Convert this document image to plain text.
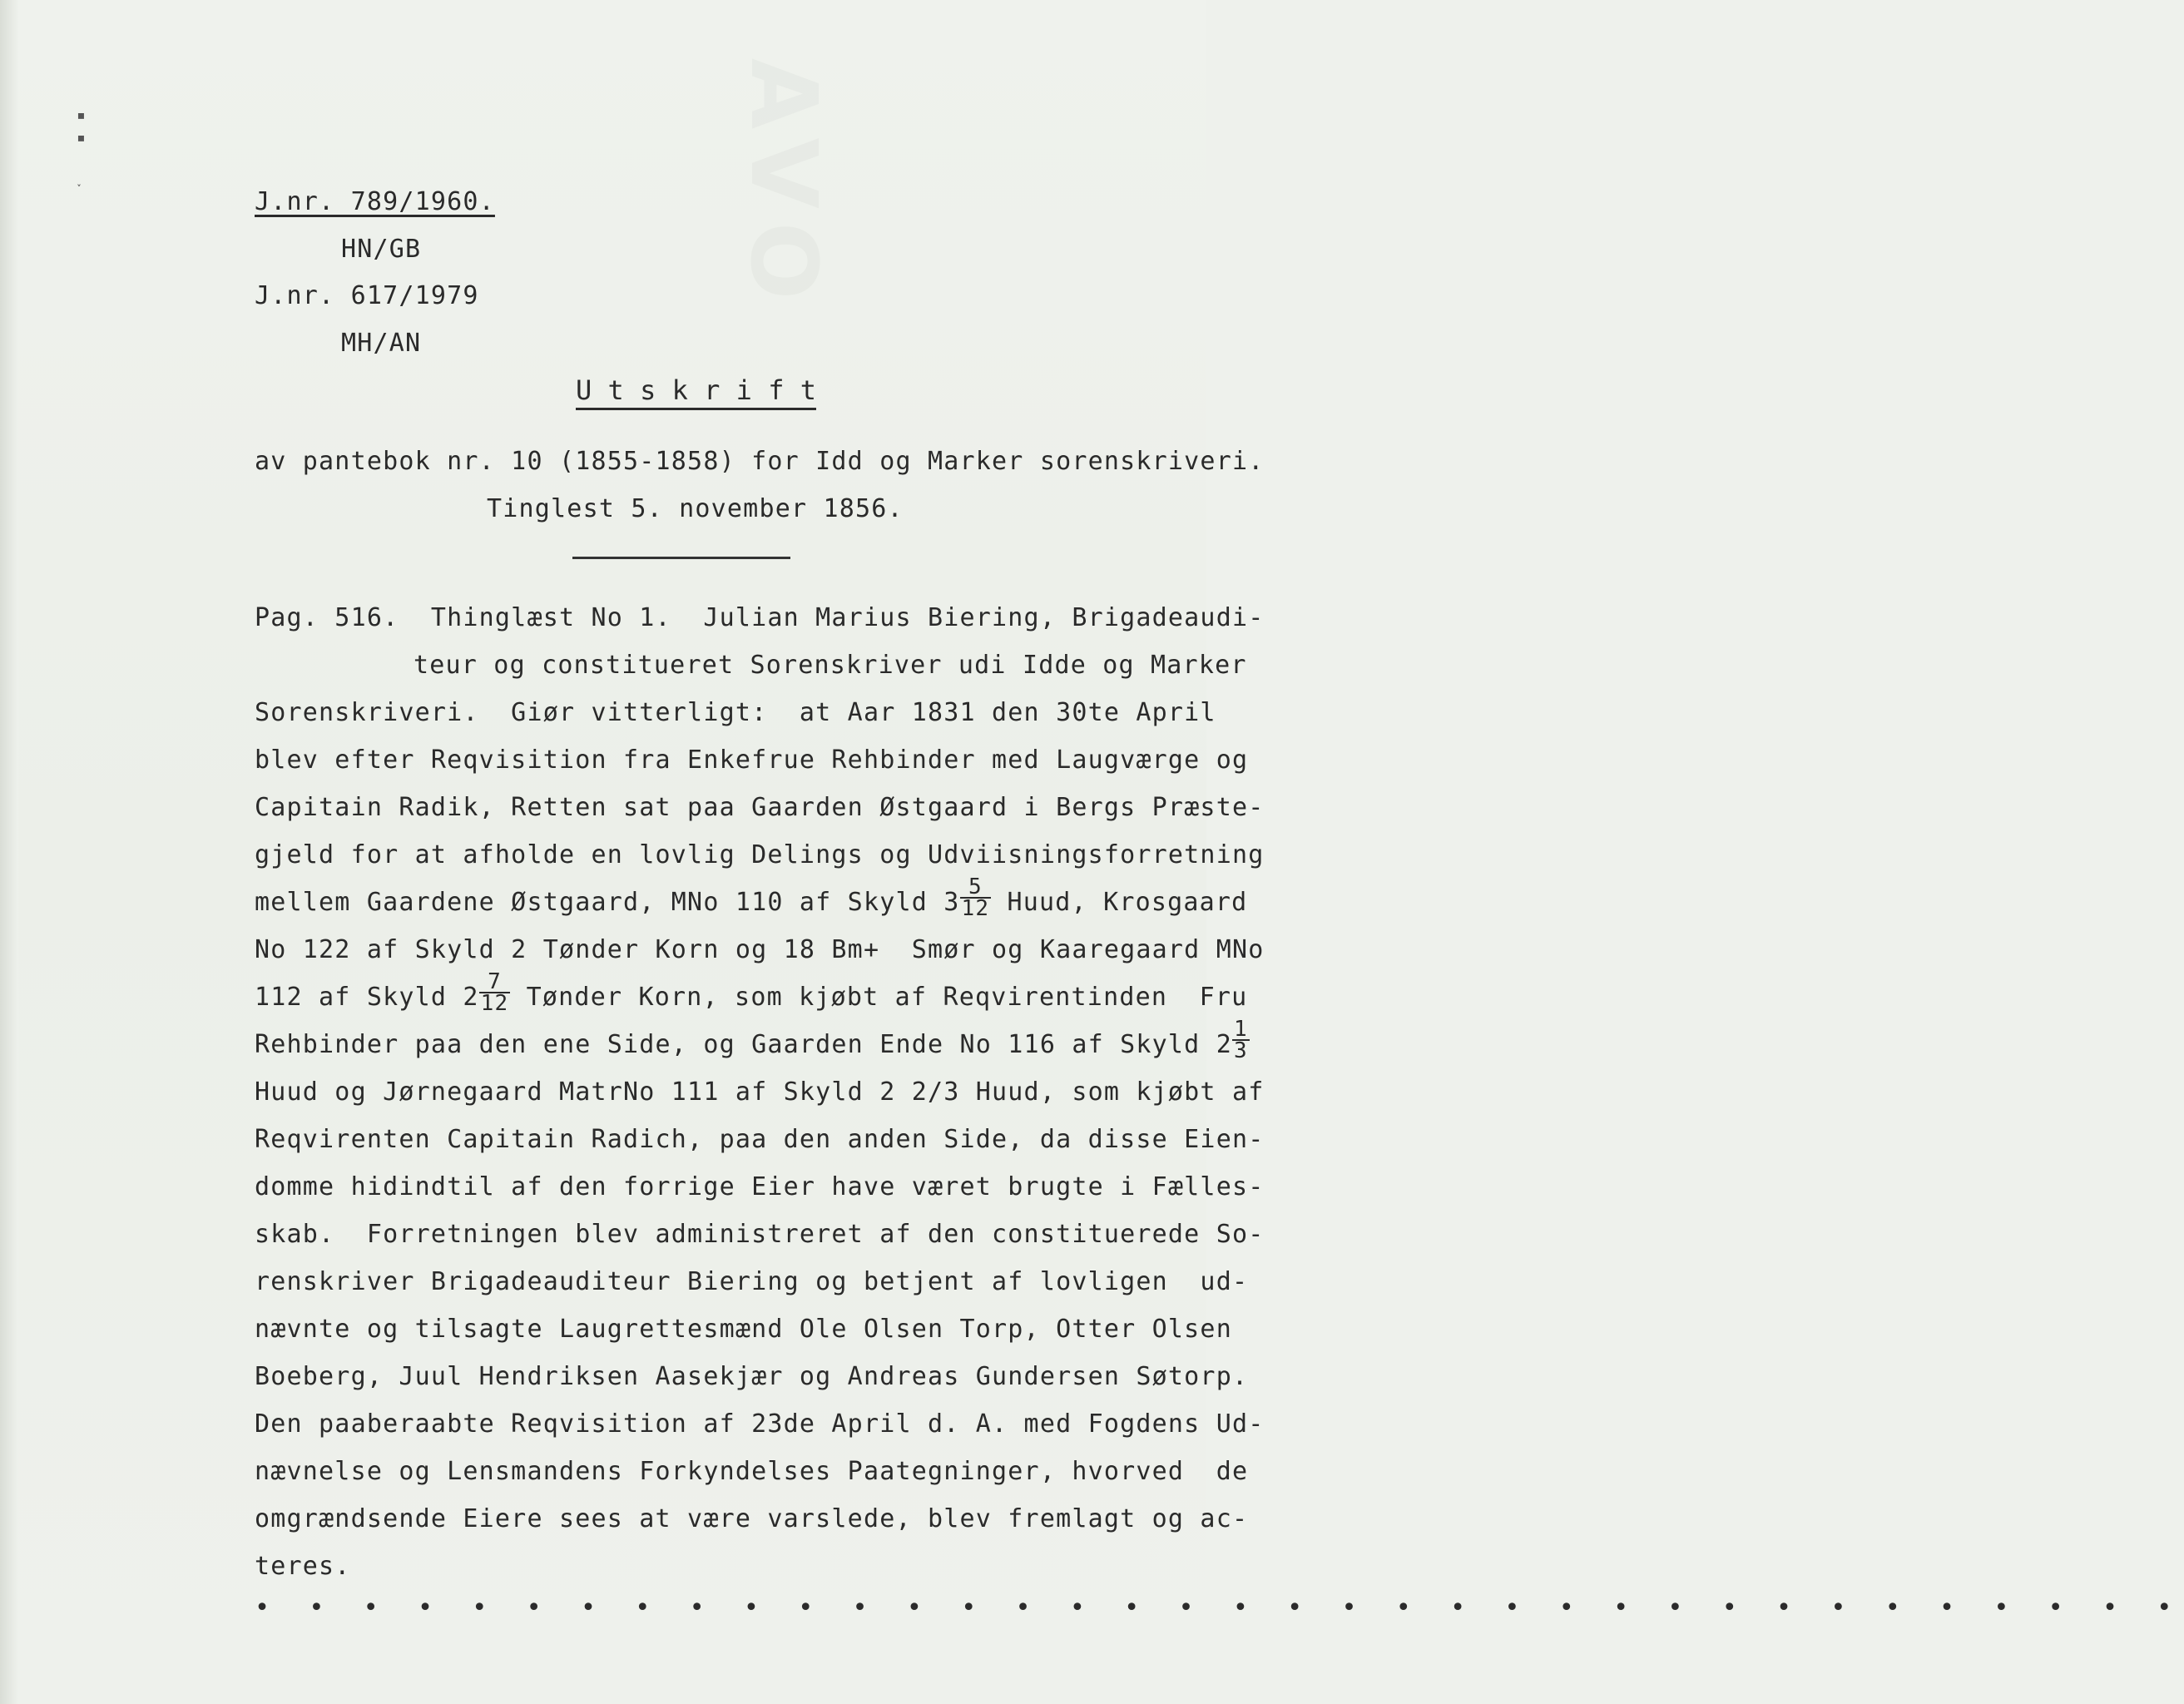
AVO
▪
▪
˯
J.nr. 789/1960.
HN/GB
J.nr. 617/1979
MH/AN
U t s k r i f t
av pantebok nr. 10 (1855-1858) for Idd og Marker sorenskriveri.
Tinglest 5. november 1856.
Pag. 516.  Thinglæst No 1.  Julian Marius Biering, Brigadeaudi-
teur og constitueret Sorenskriver udi Idde og Marker
Sorenskriveri.  Giør vitterligt:  at Aar 1831 den 30te April
blev efter Reqvisition fra Enkefrue Rehbinder med Laugværge og
Capitain Radik, Retten sat paa Gaarden Østgaard i Bergs Præste-
gjeld for at afholde en lovlig Delings og Udviisningsforretning
mellem Gaardene Østgaard, MNo 110 af Skyld $3 \frac{5}{12}$ Huud, Krosgaard
No 122 af Skyld 2 Tønder Korn og 18 Bm+  Smør og Kaaregaard MNo
112 af Skyld $2 \frac{7}{12}$ Tønder Korn, som kjøbt af Reqvirentinden  Fru
Rehbinder paa den ene Side, og Gaarden Ende No 116 af Skyld $2 \frac{1}{3}$
Huud og Jørnegaard MatrNo 111 af Skyld 2 2/3 Huud, som kjøbt af
Reqvirenten Capitain Radich, paa den anden Side, da disse Eien-
domme hidindtil af den forrige Eier have været brugte i Fælles-
skab.  Forretningen blev administreret af den constituerede So-
renskriver Brigadeauditeur Biering og betjent af lovligen  ud-
nævnte og tilsagte Laugrettesmænd Ole Olsen Torp, Otter Olsen
Boeberg, Juul Hendriksen Aasekjær og Andreas Gundersen Søtorp.
Den paaberaabte Reqvisition af 23de April d. A. med Fogdens Ud-
nævnelse og Lensmandens Forkyndelses Paategninger, hvorved  de
omgrændsende Eiere sees at være varslede, blev fremlagt og ac-
teres.
• • • • • • • • • • • • • • • • • • • • • • • • • • • • • • • • • • • •
